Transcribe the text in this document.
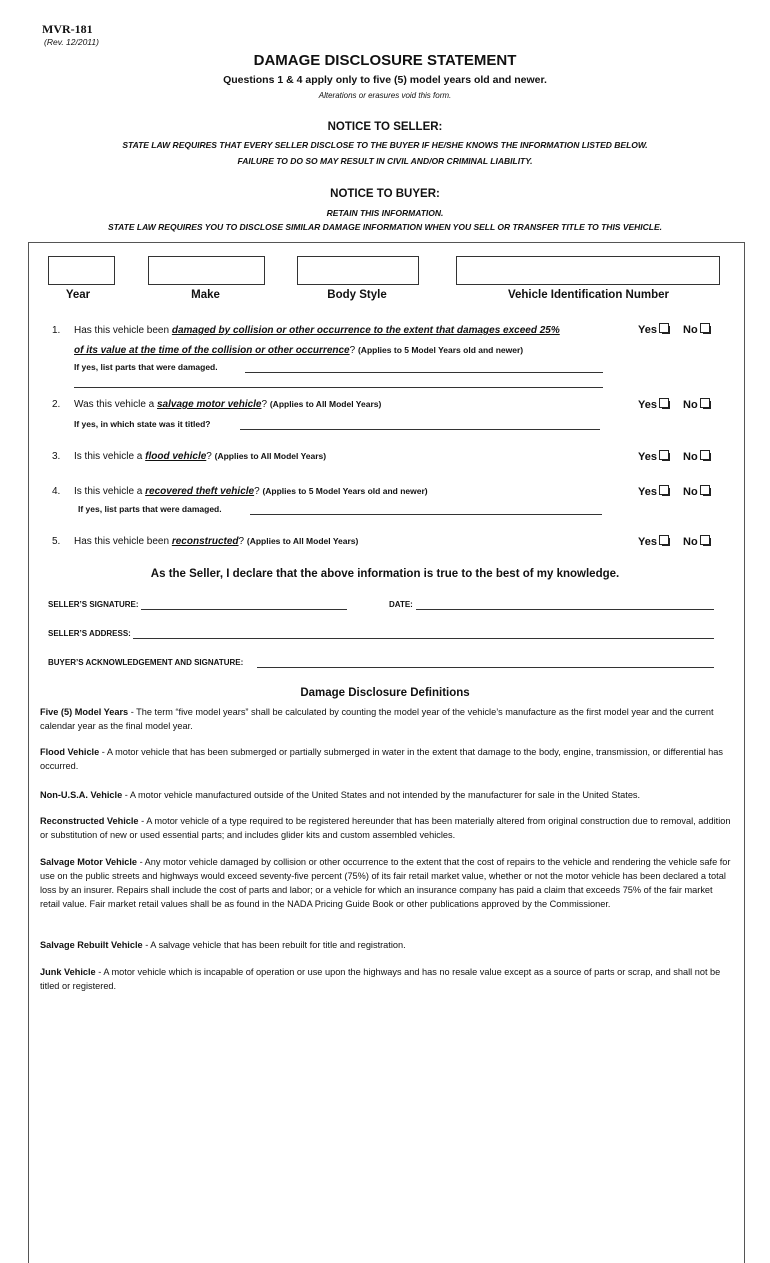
MVR-181
(Rev. 12/2011)
DAMAGE DISCLOSURE STATEMENT
Questions 1 & 4 apply only to five (5) model years old and newer.
Alterations or erasures void this form.
NOTICE TO SELLER:
STATE LAW REQUIRES THAT EVERY SELLER DISCLOSE TO THE BUYER IF HE/SHE KNOWS THE INFORMATION LISTED BELOW.
FAILURE TO DO SO MAY RESULT IN CIVIL AND/OR CRIMINAL LIABILITY.
NOTICE TO BUYER:
RETAIN THIS INFORMATION.
STATE LAW REQUIRES YOU TO DISCLOSE SIMILAR DAMAGE INFORMATION WHEN YOU SELL OR TRANSFER TITLE TO THIS VEHICLE.
Year	Make	Body Style	Vehicle Identification Number
1. Has this vehicle been damaged by collision or other occurrence to the extent that damages exceed 25%
of its value at the time of the collision or other occurrence? (Applies to 5 Model Years old and newer)
If yes, list parts that were damaged.
Yes	No
2. Was this vehicle a salvage motor vehicle? (Applies to All Model Years)
If yes, in which state was it titled?
Yes	No
3. Is this vehicle a flood vehicle? (Applies to All Model Years)	Yes	No
4. Is this vehicle a recovered theft vehicle? (Applies to 5 Model Years old and newer)
If yes, list parts that were damaged.
Yes	No
5. Has this vehicle been reconstructed? (Applies to All Model Years)	Yes	No
As the Seller, I declare that the above information is true to the best of my knowledge.
SELLER’S SIGNATURE:	DATE:
SELLER’S ADDRESS:
BUYER’S ACKNOWLEDGEMENT AND SIGNATURE:
Damage Disclosure Definitions
Five (5) Model Years - The term “five model years” shall be calculated by counting the model year of the vehicle’s manufacture as the first model year and the current calendar year as the final model year.
Flood Vehicle - A motor vehicle that has been submerged or partially submerged in water in the extent that damage to the body, engine, transmission, or differential has occurred.
Non-U.S.A. Vehicle - A motor vehicle manufactured outside of the United States and not intended by the manufacturer for sale in the United States.
Reconstructed Vehicle - A motor vehicle of a type required to be registered hereunder that has been materially altered from original construction due to removal, addition or substitution of new or used essential parts; and includes glider kits and custom assembled vehicles.
Salvage Motor Vehicle - Any motor vehicle damaged by collision or other occurrence to the extent that the cost of repairs to the vehicle and rendering the vehicle safe for use on the public streets and highways would exceed seventy-five percent (75%) of its fair retail market value, whether or not the motor vehicle has been declared a total loss by an insurer. Repairs shall include the cost of parts and labor; or a vehicle for which an insurance company has paid a claim that exceeds 75% of the fair market retail value. Fair market retail values shall be as found in the NADA Pricing Guide Book or other publications approved by the Commissioner.
Salvage Rebuilt Vehicle - A salvage vehicle that has been rebuilt for title and registration.
Junk Vehicle - A motor vehicle which is incapable of operation or use upon the highways and has no resale value except as a source of parts or scrap, and shall not be titled or registered.
